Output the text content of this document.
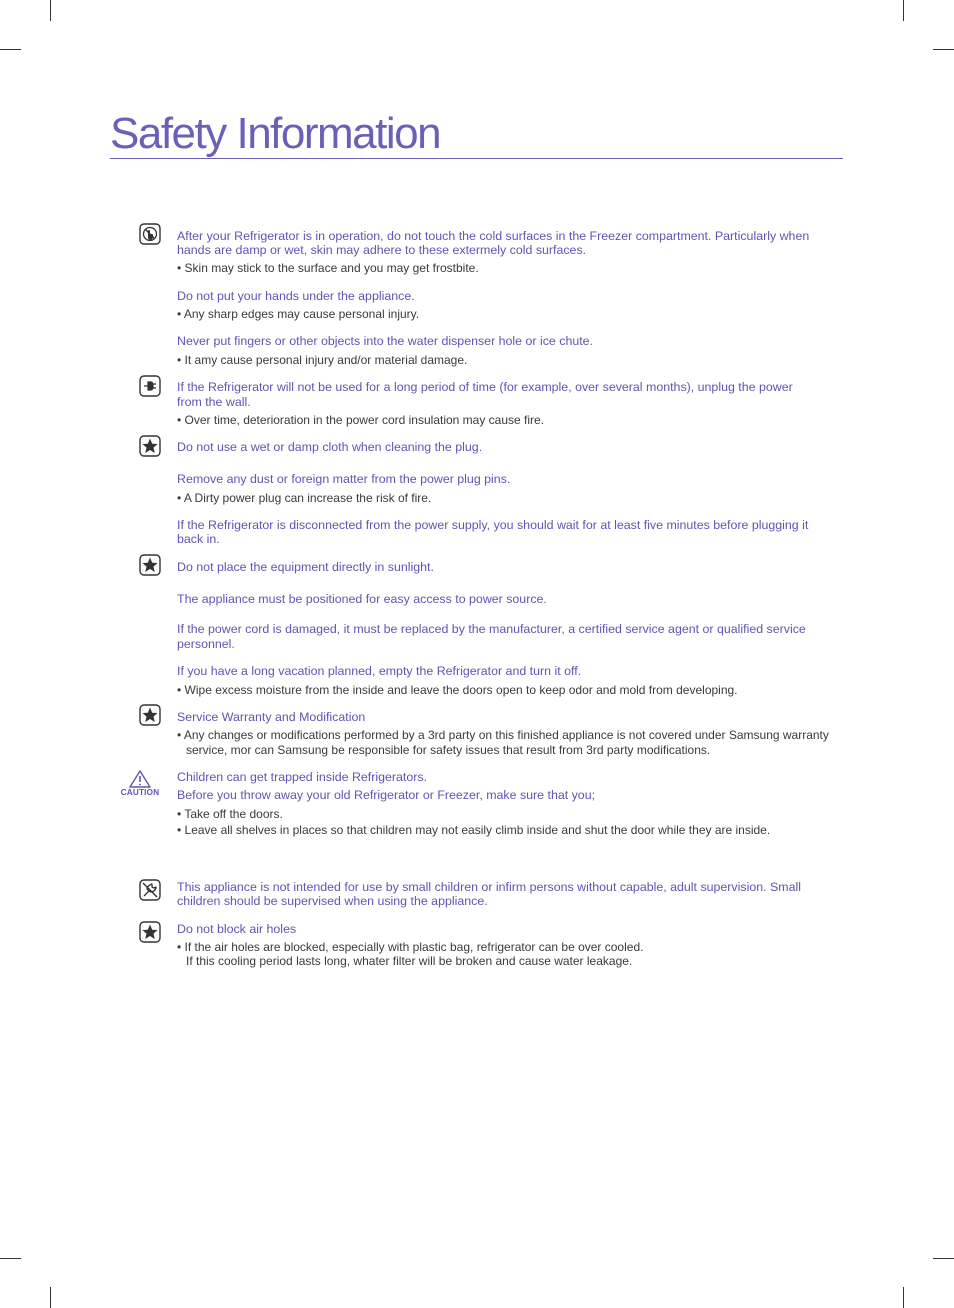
Safety Information
CAUTION
After your Refrigerator is in operation, do not touch the cold surfaces in the Freezer compartment. Particularly when
hands are damp or wet, skin may adhere to these extermely cold surfaces.
• Skin may stick to the surface and you may get frostbite.
Do not put your hands under the appliance.
• Any sharp edges may cause personal injury.
Never put fingers or other objects into the water dispenser hole or ice chute.
• It amy cause personal injury and/or material damage.
If the Refrigerator will not be used for a long period of time (for example, over several months), unplug the power
from the wall.
• Over time, deterioration in the power cord insulation may cause fire.
Do not use a wet or damp cloth when cleaning the plug.
Remove any dust or foreign matter from the power plug pins.
• A Dirty power plug can increase the risk of fire.
If the Refrigerator is disconnected from the power supply, you should wait for at least five minutes before plugging it
back in.
Do not place the equipment directly in sunlight.
The appliance must be positioned for easy access to power source.
If the power cord is damaged, it must be replaced by the manufacturer, a certified service agent or qualified service
personnel.
If you have a long vacation planned, empty the Refrigerator and turn it off.
• Wipe excess moisture from the inside and leave the doors open to keep odor and mold from developing.
Service Warranty and Modification
• Any changes or modifications performed by a 3rd party on this finished appliance is not covered under Samsung warranty
service, mor can Samsung be responsible for safety issues that result from 3rd party modifications.
Children can get trapped inside Refrigerators.
Before you throw away your old Refrigerator or Freezer, make sure that you;
• Take off the doors.
• Leave all shelves in places so that children may not easily climb inside and shut the door while they are inside.
This appliance is not intended for use by small children or infirm persons without capable, adult supervision. Small
children should be supervised when using the appliance.
Do not block air holes
• If the air holes are blocked, especially with plastic bag, refrigerator can be over cooled.
If this cooling period lasts long, whater filter will be broken and cause water leakage.
